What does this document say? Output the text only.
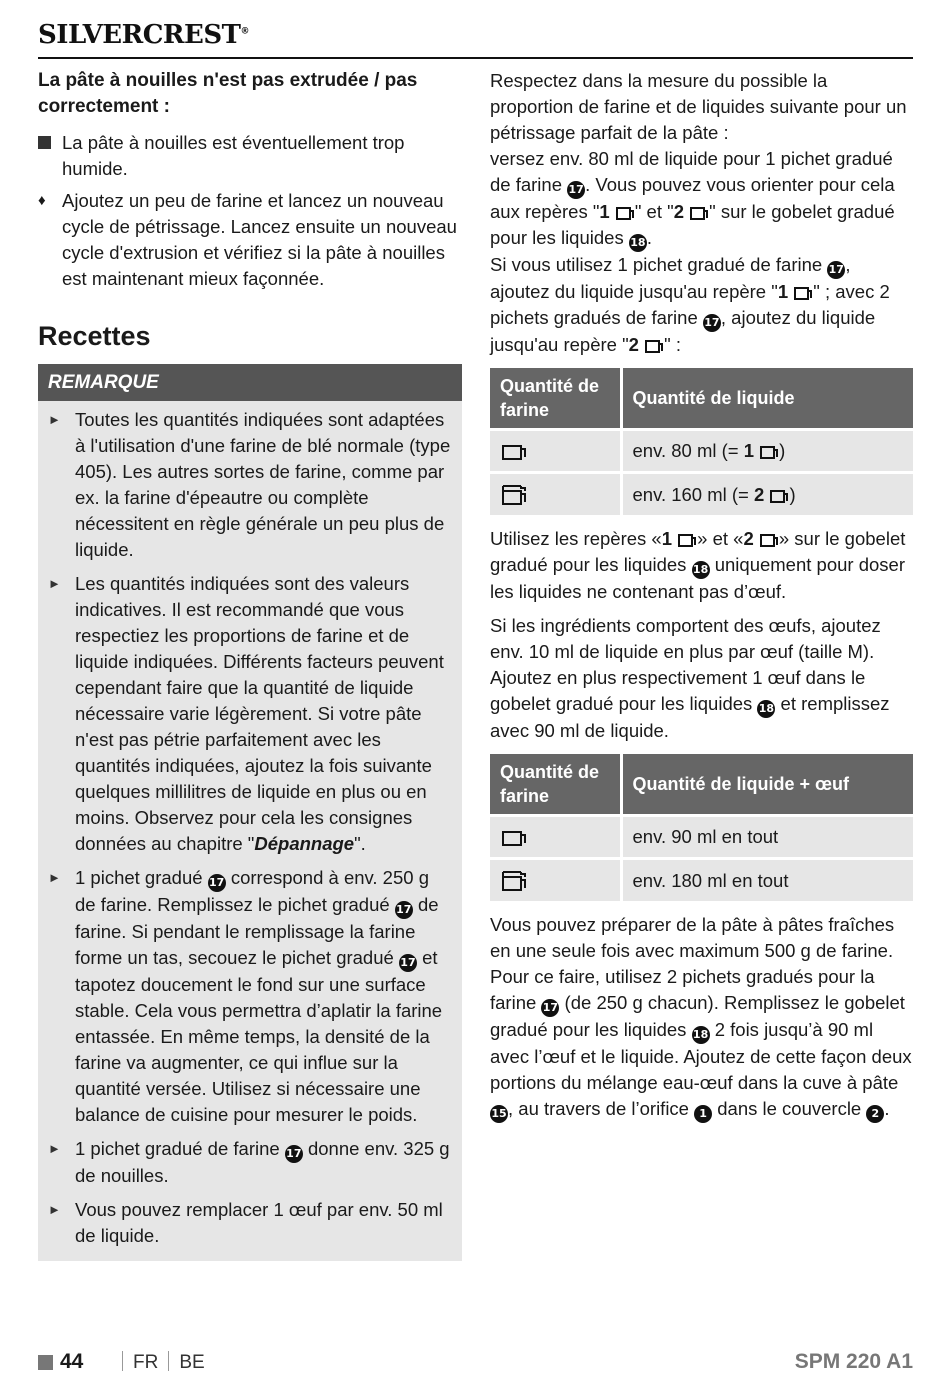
SILVERCREST®
La pâte à nouilles n'est pas extrudée / pas correctement :
La pâte à nouilles est éventuellement trop humide.
♦ Ajoutez un peu de farine et lancez un nouveau cycle de pétrissage. Lancez ensuite un nouveau cycle d'extrusion et vérifiez si la pâte à nouilles est maintenant mieux façonnée.
Recettes
REMARQUE
► Toutes les quantités indiquées sont adaptées à l'utilisation d'une farine de blé normale (type 405). Les autres sortes de farine, comme par ex. la farine d'épeautre ou complète nécessitent en règle générale un peu plus de liquide.
► Les quantités indiquées sont des valeurs indicatives. Il est recommandé que vous respectiez les proportions de farine et de liquide indiquées. Différents facteurs peuvent cependant faire que la quantité de liquide nécessaire varie légèrement. Si votre pâte n'est pas pétrie parfaitement avec les quantités indiquées, ajoutez la fois suivante quelques millilitres de liquide en plus ou en moins. Observez pour cela les consignes données au chapitre "Dépannage".
► 1 pichet gradué 17 correspond à env. 250 g de farine. Remplissez le pichet gradué 17 de farine. Si pendant le remplissage la farine forme un tas, secouez le pichet gradué 17 et tapotez doucement le fond sur une surface stable. Cela vous permettra d’aplatir la farine entassée. En même temps, la densité de la farine va augmenter, ce qui influe sur la quantité versée. Utilisez si nécessaire une balance de cuisine pour mesurer le poids.
► 1 pichet gradué de farine 17 donne env. 325 g de nouilles.
► Vous pouvez remplacer 1 œuf par env. 50 ml de liquide.
Respectez dans la mesure du possible la proportion de farine et de liquides suivante pour un pétrissage parfait de la pâte :
versez env. 80 ml de liquide pour 1 pichet gradué de farine 17. Vous pouvez vous orienter pour cela aux repères "1 " et "2 " sur le gobelet gradué pour les liquides 18.
Si vous utilisez 1 pichet gradué de farine 17, ajoutez du liquide jusqu'au repère "1 " ; avec 2 pichets gradués de farine 17, ajoutez du liquide jusqu'au repère "2 " :
Quantité de farine	Quantité de liquide
	env. 80 ml (= 1 )
	env. 160 ml (= 2 )
Utilisez les repères «1 » et «2 » sur le gobelet gradué pour les liquides 18 uniquement pour doser les liquides ne contenant pas d’œuf.
Si les ingrédients comportent des œufs, ajoutez env. 10 ml de liquide en plus par œuf (taille M). Ajoutez en plus respectivement 1 œuf dans le gobelet gradué pour les liquides 18 et remplissez avec 90 ml de liquide.
Quantité de farine	Quantité de liquide + œuf
	env. 90 ml en tout
	env. 180 ml en tout
Vous pouvez préparer de la pâte à pâtes fraîches en une seule fois avec maximum 500 g de farine. Pour ce faire, utilisez 2 pichets gradués pour la farine 17 (de 250 g chacun). Remplissez le gobelet gradué pour les liquides 18 2 fois jusqu’à 90 ml avec l’œuf et le liquide. Ajoutez de cette façon deux portions du mélange eau-œuf dans la cuve à pâte 15, au travers de l’orifice 1 dans le couvercle 2 .
44	FR BE	SPM 220 A1
